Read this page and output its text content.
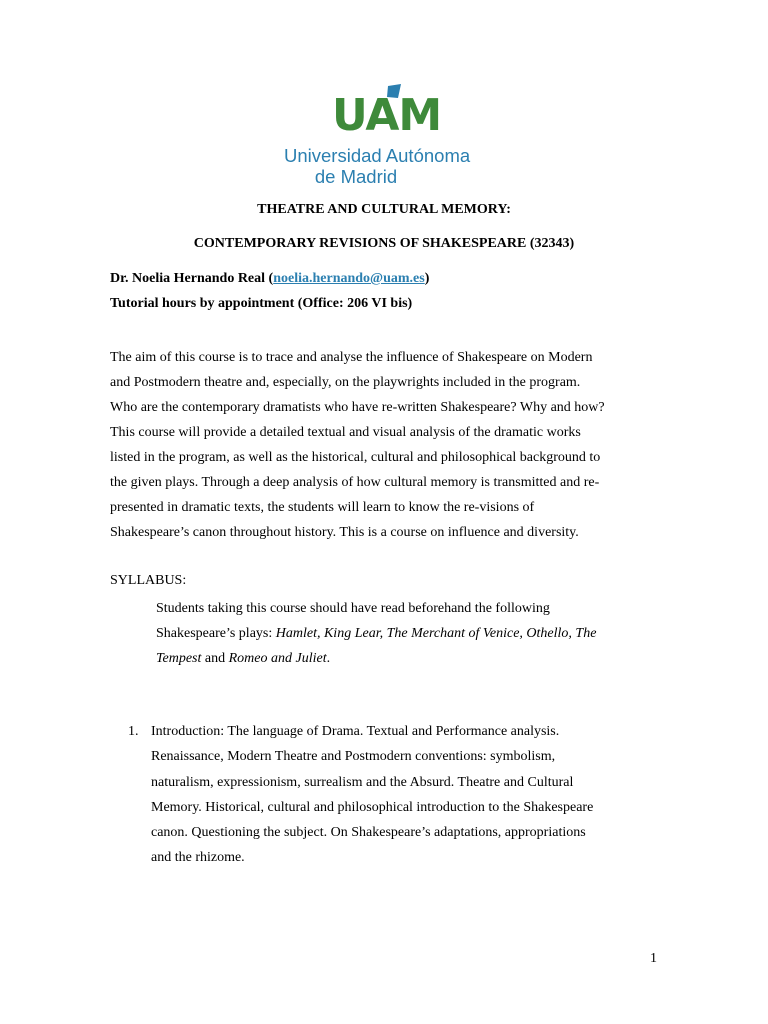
UAM
Universidad Autónoma
de Madrid
THEATRE AND CULTURAL MEMORY:
CONTEMPORARY REVISIONS OF SHAKESPEARE (32343)
Dr. Noelia Hernando Real (noelia.hernando@uam.es)
Tutorial hours by appointment (Office: 206 VI bis)
The aim of this course is to trace and analyse the influence of Shakespeare on Modern
and Postmodern theatre and, especially, on the playwrights included in the program.
Who are the contemporary dramatists who have re-written Shakespeare? Why and how?
This course will provide a detailed textual and visual analysis of the dramatic works
listed in the program, as well as the historical, cultural and philosophical background to
the given plays. Through a deep analysis of how cultural memory is transmitted and re-
presented in dramatic texts, the students will learn to know the re-visions of
Shakespeare’s canon throughout history. This is a course on influence and diversity.
SYLLABUS:
Students taking this course should have read beforehand the following
Shakespeare’s plays: Hamlet, King Lear, The Merchant of Venice, Othello, The
Tempest and Romeo and Juliet.
1. Introduction: The language of Drama. Textual and Performance analysis.
Renaissance, Modern Theatre and Postmodern conventions: symbolism,
naturalism, expressionism, surrealism and the Absurd. Theatre and Cultural
Memory. Historical, cultural and philosophical introduction to the Shakespeare
canon. Questioning the subject. On Shakespeare’s adaptations, appropriations
and the rhizome.
1
